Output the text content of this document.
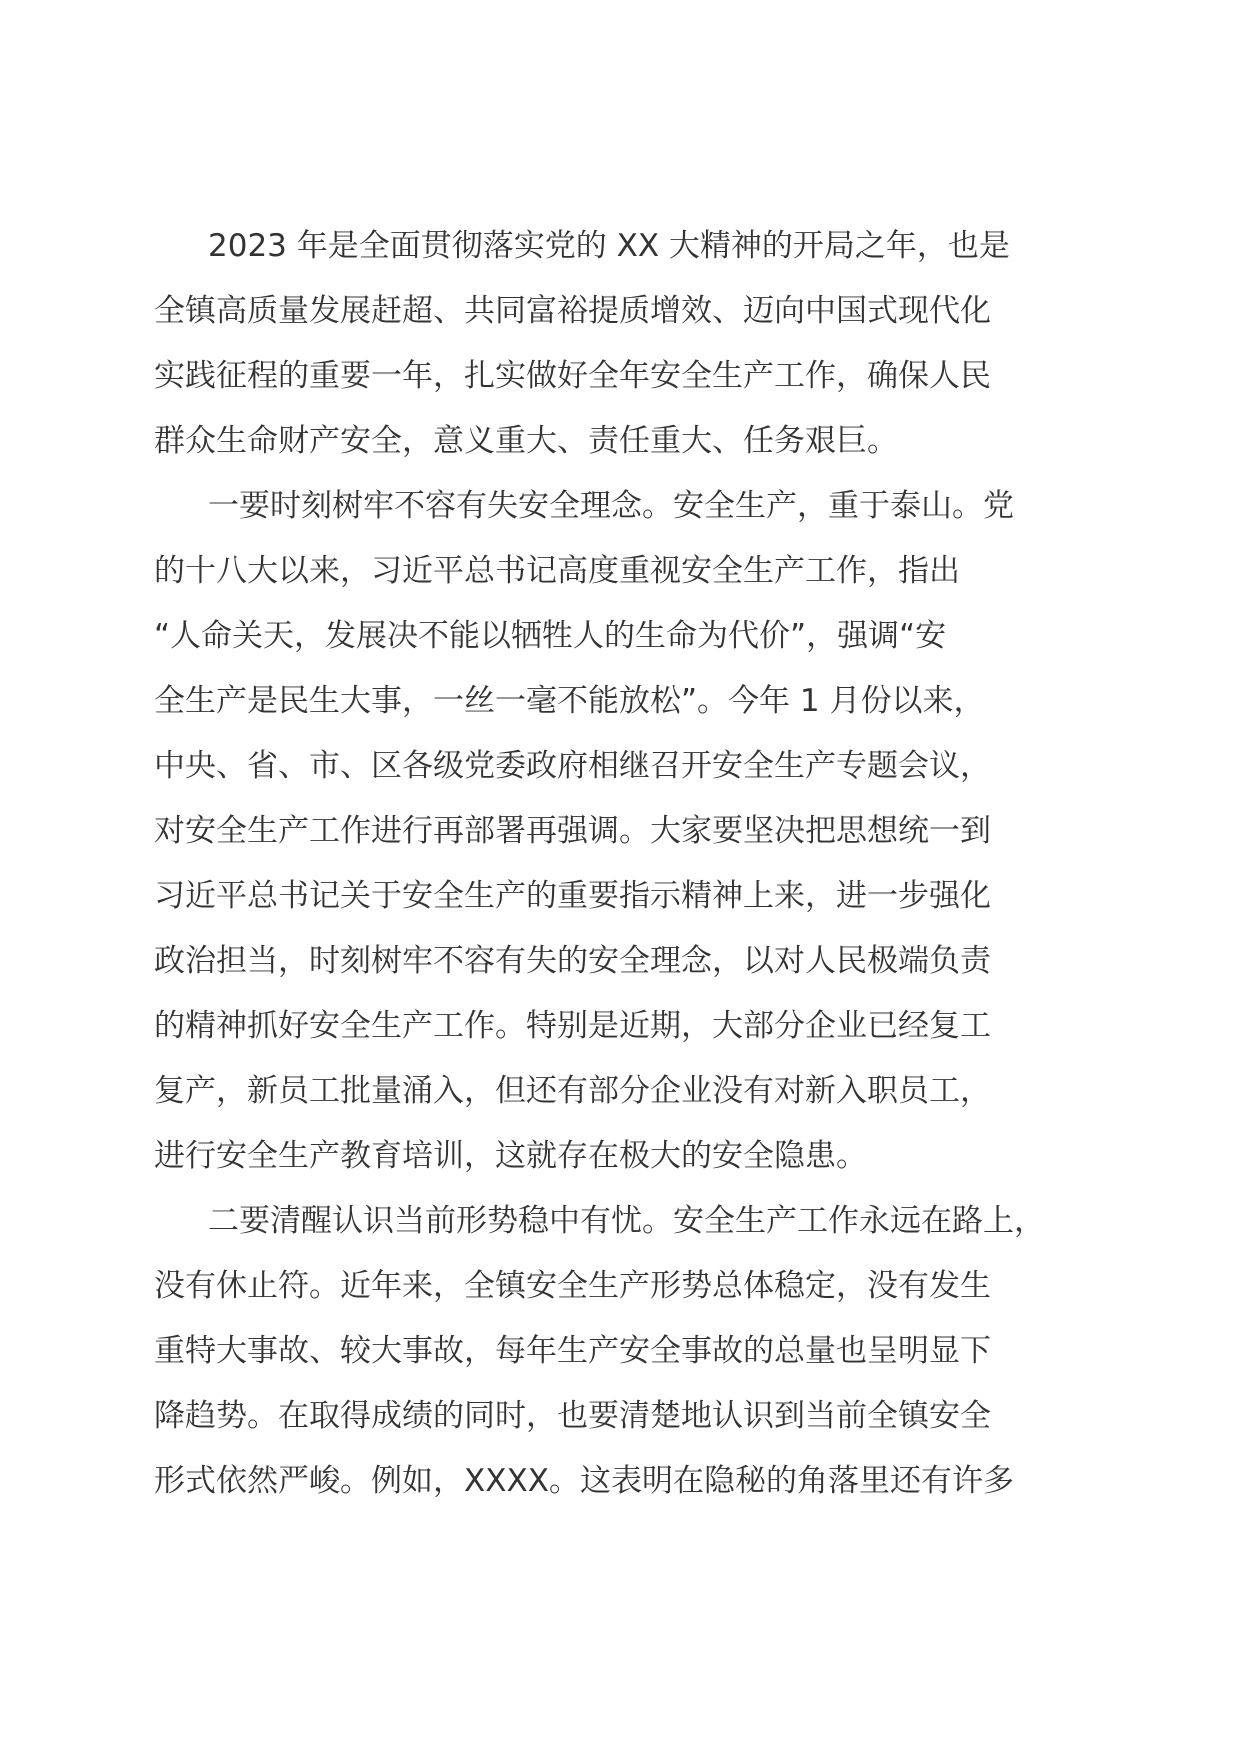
2023 年是全面贯彻落实党的 XX 大精神的开局之年，也是
全镇高质量发展赶超、共同富裕提质增效、迈向中国式现代化
实践征程的重要一年，扎实做好全年安全生产工作，确保人民
群众生命财产安全，意义重大、责任重大、任务艰巨。
一要时刻树牢不容有失安全理念。安全生产，重于泰山。党
的十八大以来，习近平总书记高度重视安全生产工作，指出
“人命关天，发展决不能以牺牲人的生命为代价”，强调“安
全生产是民生大事，一丝一毫不能放松”。今年 1 月份以来，
中央、省、市、区各级党委政府相继召开安全生产专题会议，
对安全生产工作进行再部署再强调。大家要坚决把思想统一到
习近平总书记关于安全生产的重要指示精神上来，进一步强化
政治担当，时刻树牢不容有失的安全理念，以对人民极端负责
的精神抓好安全生产工作。特别是近期，大部分企业已经复工
复产，新员工批量涌入，但还有部分企业没有对新入职员工，
进行安全生产教育培训，这就存在极大的安全隐患。
二要清醒认识当前形势稳中有忧。安全生产工作永远在路上，
没有休止符。近年来，全镇安全生产形势总体稳定，没有发生
重特大事故、较大事故，每年生产安全事故的总量也呈明显下
降趋势。在取得成绩的同时，也要清楚地认识到当前全镇安全
形式依然严峻。例如，XXXX。这表明在隐秘的角落里还有许多
